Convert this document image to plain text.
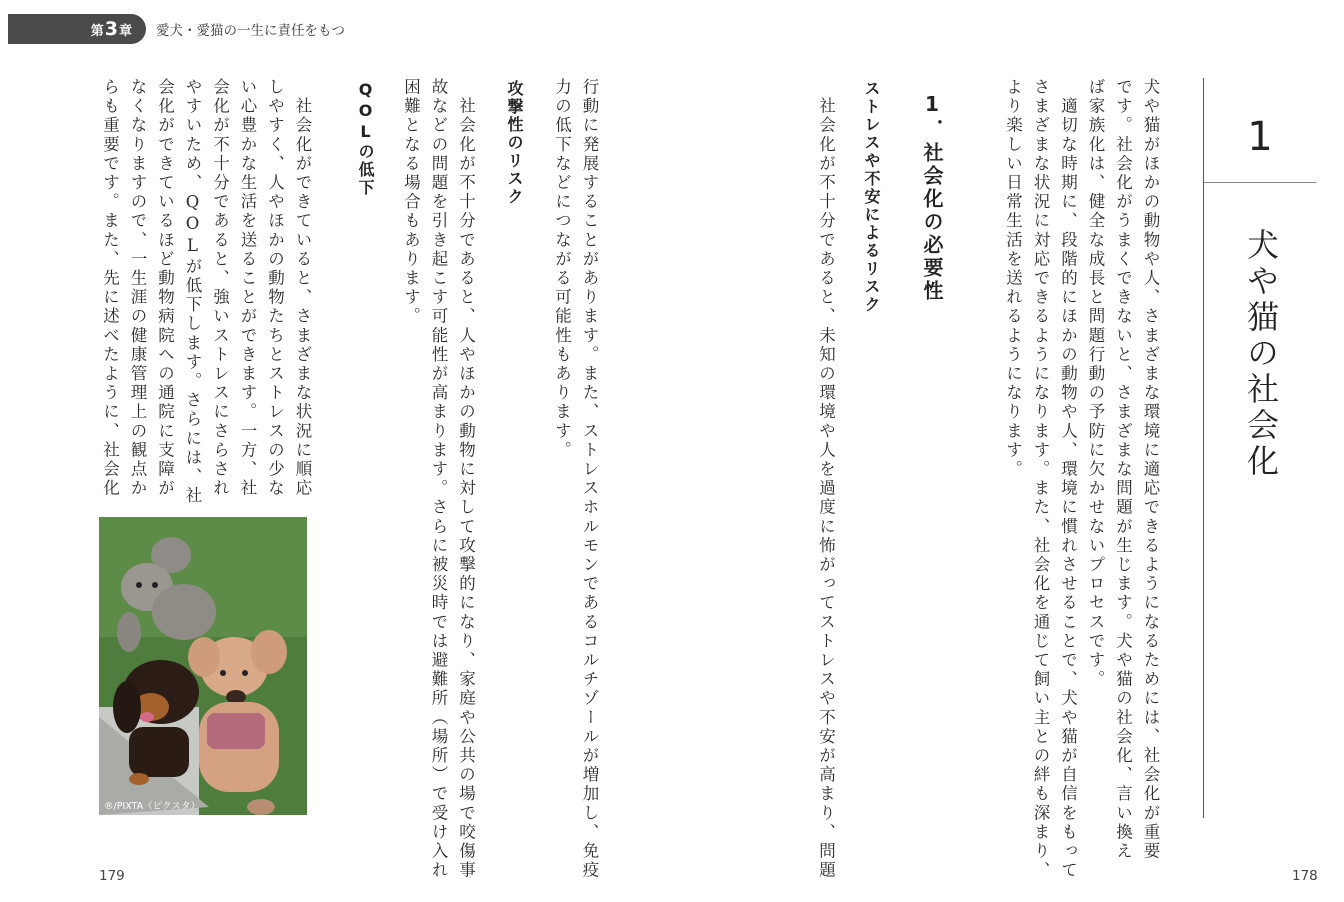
第 3 章 愛犬・愛猫の一生に責任をもつ
1
犬や猫の社会化
犬や猫がほかの動物や人、さまざまな環境に適応できるようになるためには、社会化が重要
です。社会化がうまくできないと、さまざまな問題が生じます。犬や猫の社会化、言い換え
ば家族化は、健全な成長と問題行動の予防に欠かせないプロセスです。
　適切な時期に、段階的にほかの動物や人、環境に慣れさせることで、犬や猫が自信をもって
さまざまな状況に対応できるようになります。また、社会化を通じて飼い主との絆も深まり、
より楽しい日常生活を送れるようになります。
1．社会化の必要性
ストレスや不安によるリスク
　社会化が不十分であると、未知の環境や人を過度に怖がってストレスや不安が高まり、問題
行動に発展することがあります。また、ストレスホルモンであるコルチゾールが増加し、免疫
力の低下などにつながる可能性もあります。
攻撃性のリスク
　社会化が不十分であると、人やほかの動物に対して攻撃的になり、家庭や公共の場で咬傷事
故などの問題を引き起こす可能性が高まります。さらに被災時では避難所（場所）で受け入れ
困難となる場合もあります。
QOLの低下
　社会化ができていると、さまざまな状況に順応
しやすく、人やほかの動物たちとストレスの少な
い心豊かな生活を送ることができます。一方、社
会化が不十分であると、強いストレスにさらされ
やすいため、QOLが低下します。さらには、社
会化ができているほど動物病院への通院に支障が
なくなりますので、一生涯の健康管理上の観点か
らも重要です。また、先に述べたように、社会化
®/PIXTA（ピクスタ）
179	178
